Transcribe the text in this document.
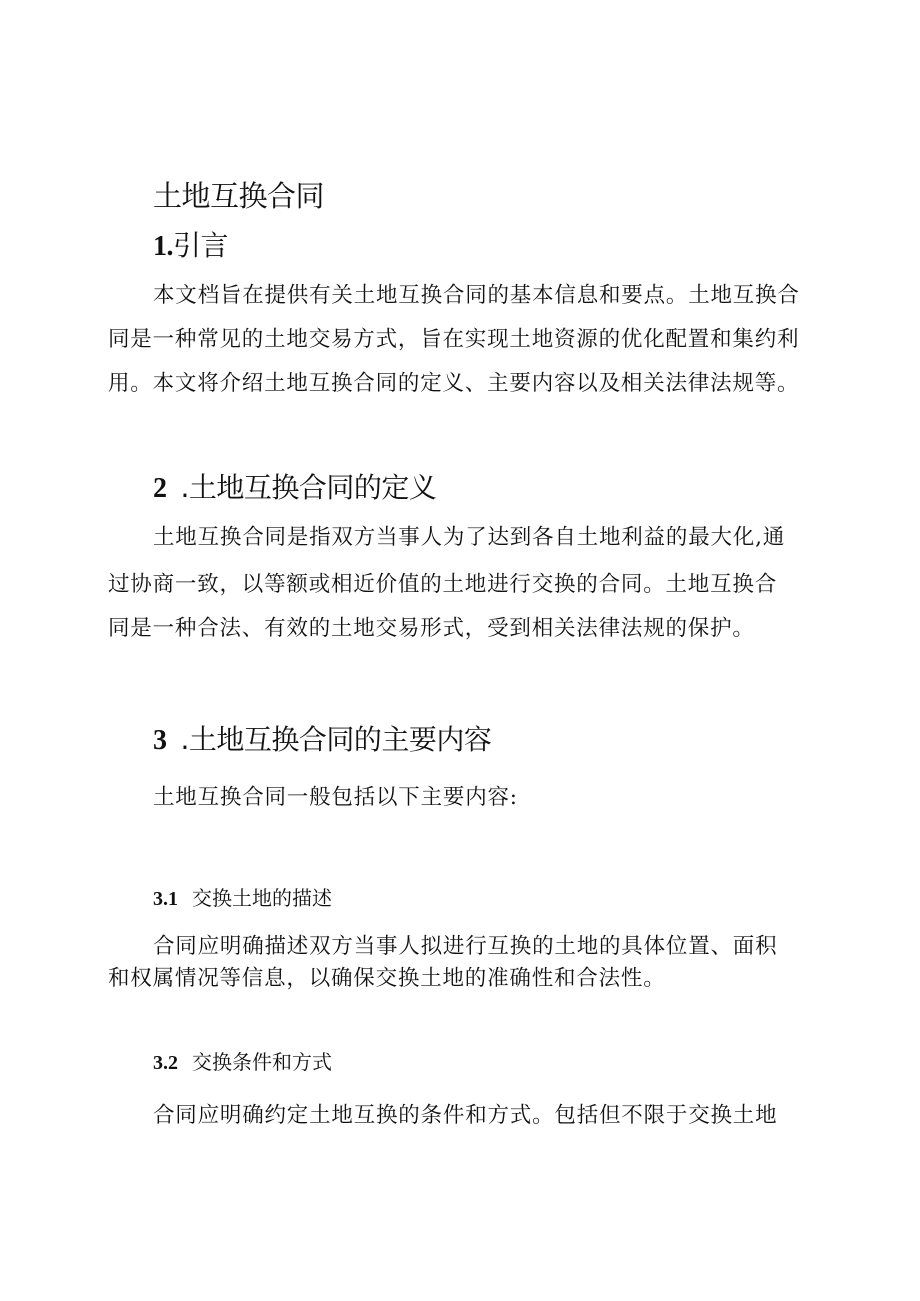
土地互换合同
1.引言

本文档旨在提供有关土地互换合同的基本信息和要点。土地互换合

同是一种常见的土地交易方式，旨在实现土地资源的优化配置和集约利
用。本文将介绍土地互换合同的定义、主要内容以及相关法律法规等。

2 .土地互换合同的定义

土地互换合同是指双方当事人为了达到各自土地利益的最大化,通

过协商一致，以等额或相近价值的土地进行交换的合同。土地互换合
同是一种合法、有效的土地交易形式，受到相关法律法规的保护。

3 .土地互换合同的主要内容

土地互换合同一般包括以下主要内容:

3.1 交换土地的描述

合同应明确描述双方当事人拟进行互换的土地的具体位置、面积

和权属情况等信息，以确保交换土地的准确性和合法性。

3.2 交换条件和方式

合同应明确约定土地互换的条件和方式。包括但不限于交换土地
